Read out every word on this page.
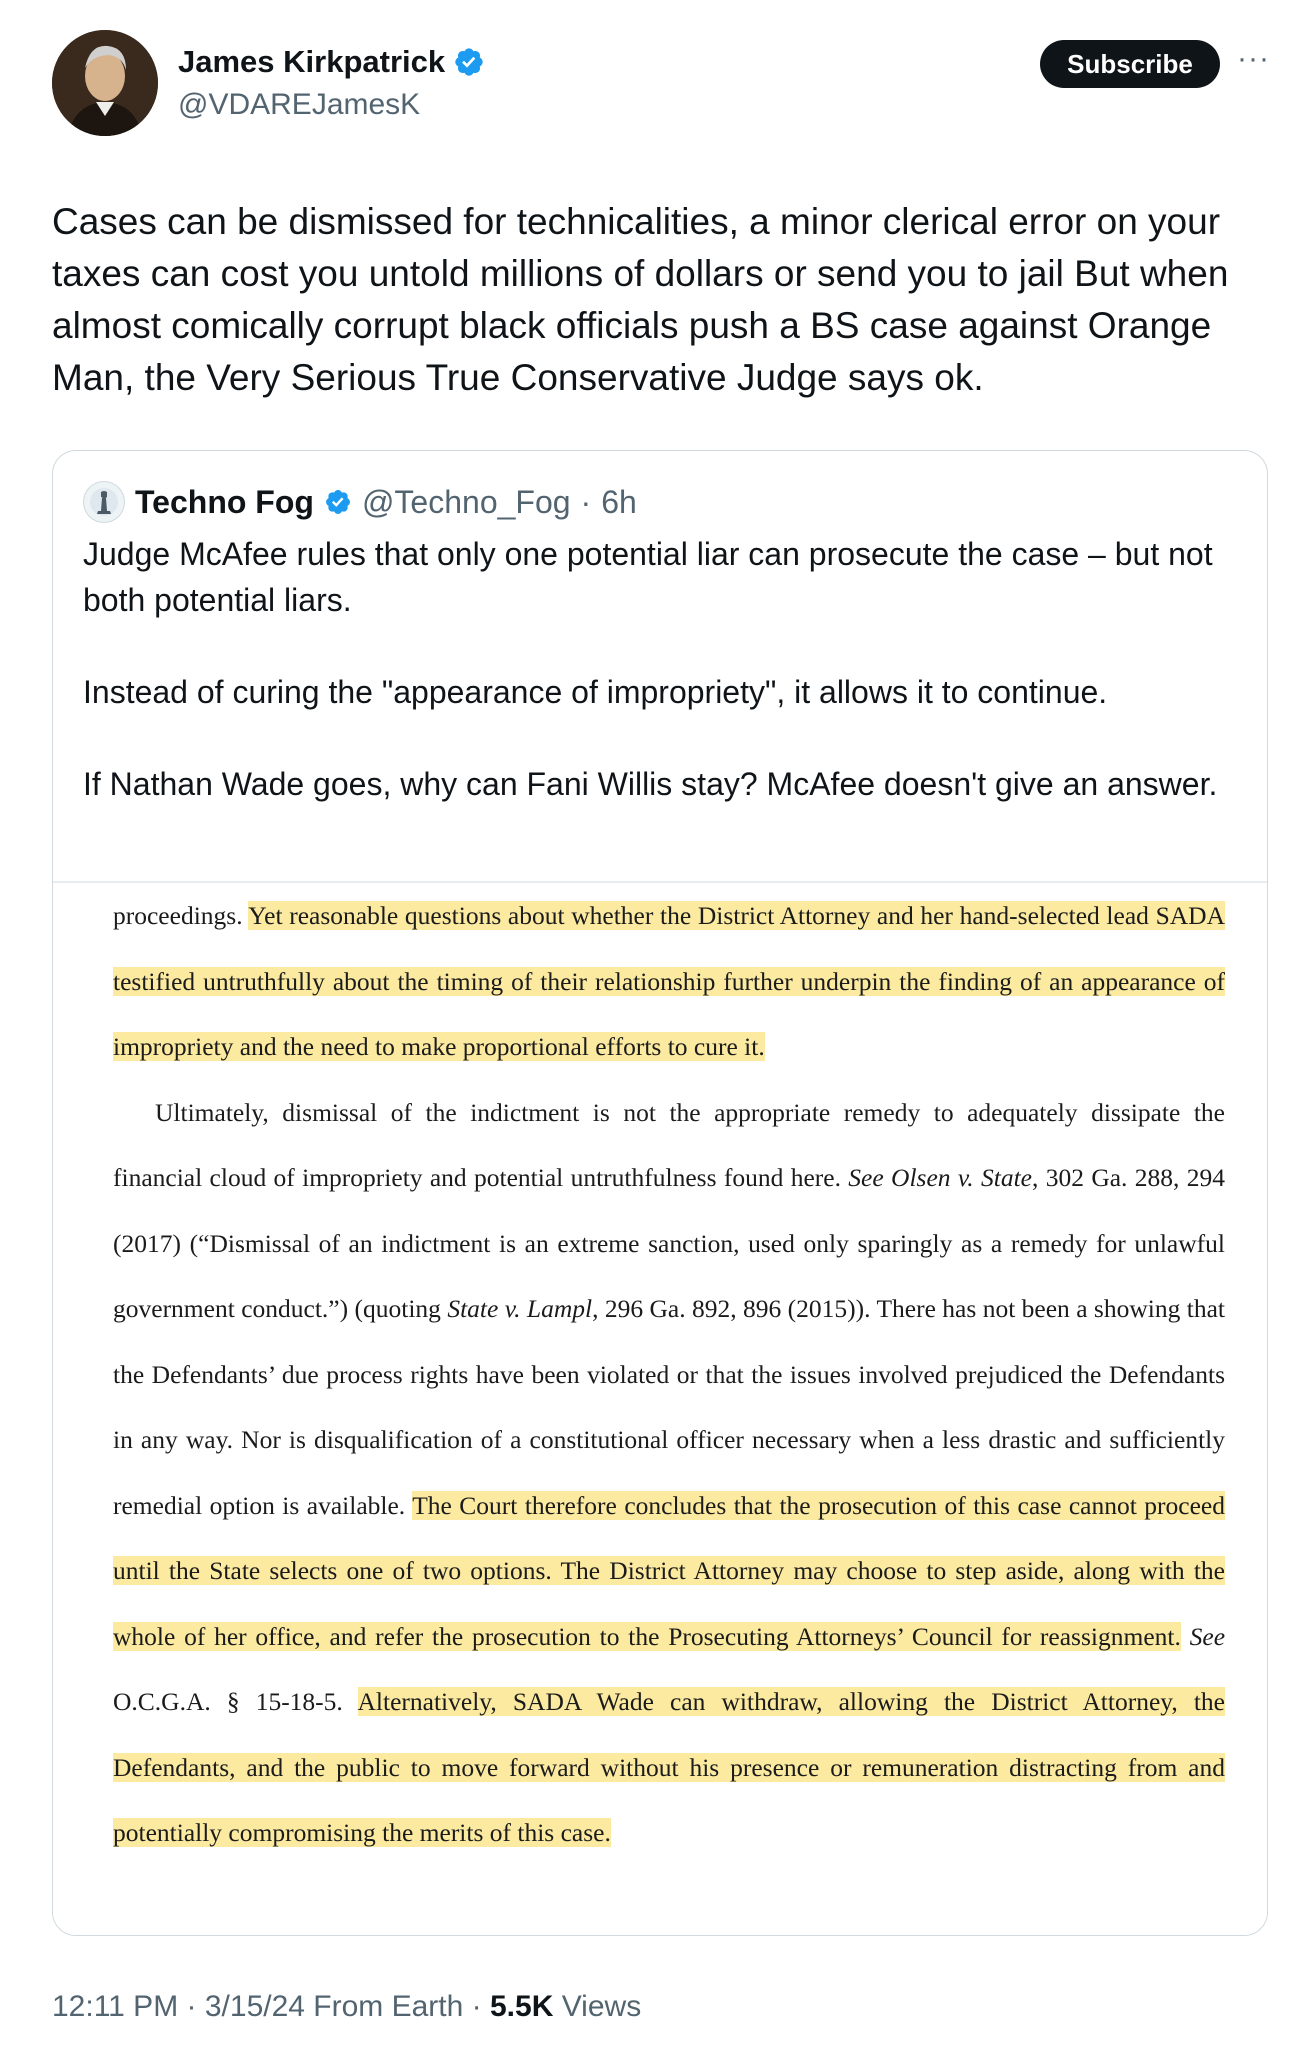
James Kirkpatrick
@VDAREJamesK
Subscribe	···
Cases can be dismissed for technicalities, a minor clerical error on your taxes can cost you untold millions of dollars or send you to jail But when almost comically corrupt black officials push a BS case against Orange Man, the Very Serious True Conservative Judge says ok.
Techno Fog @Techno_Fog · 6h

Judge McAfee rules that only one potential liar can prosecute the case – but not both potential liars.

Instead of curing the "appearance of impropriety", it allows it to continue.

If Nathan Wade goes, why can Fani Willis stay? McAfee doesn't give an answer.

proceedings. Yet reasonable questions about whether the District Attorney and her hand-selected lead SADA testified untruthfully about the timing of their relationship further underpin the finding of an appearance of impropriety and the need to make proportional efforts to cure it.

Ultimately, dismissal of the indictment is not the appropriate remedy to adequately dissipate the financial cloud of impropriety and potential untruthfulness found here. See Olsen v. State, 302 Ga. 288, 294 (2017) (“Dismissal of an indictment is an extreme sanction, used only sparingly as a remedy for unlawful government conduct.”) (quoting State v. Lampl, 296 Ga. 892, 896 (2015)). There has not been a showing that the Defendants’ due process rights have been violated or that the issues involved prejudiced the Defendants in any way. Nor is disqualification of a constitutional officer necessary when a less drastic and sufficiently remedial option is available. The Court therefore concludes that the prosecution of this case cannot proceed until the State selects one of two options. The District Attorney may choose to step aside, along with the whole of her office, and refer the prosecution to the Prosecuting Attorneys’ Council for reassignment. See O.C.G.A. § 15-18-5. Alternatively, SADA Wade can withdraw, allowing the District Attorney, the Defendants, and the public to move forward without his presence or remuneration distracting from and potentially compromising the merits of this case.

12:11 PM · 3/15/24 From Earth · 5.5K Views
